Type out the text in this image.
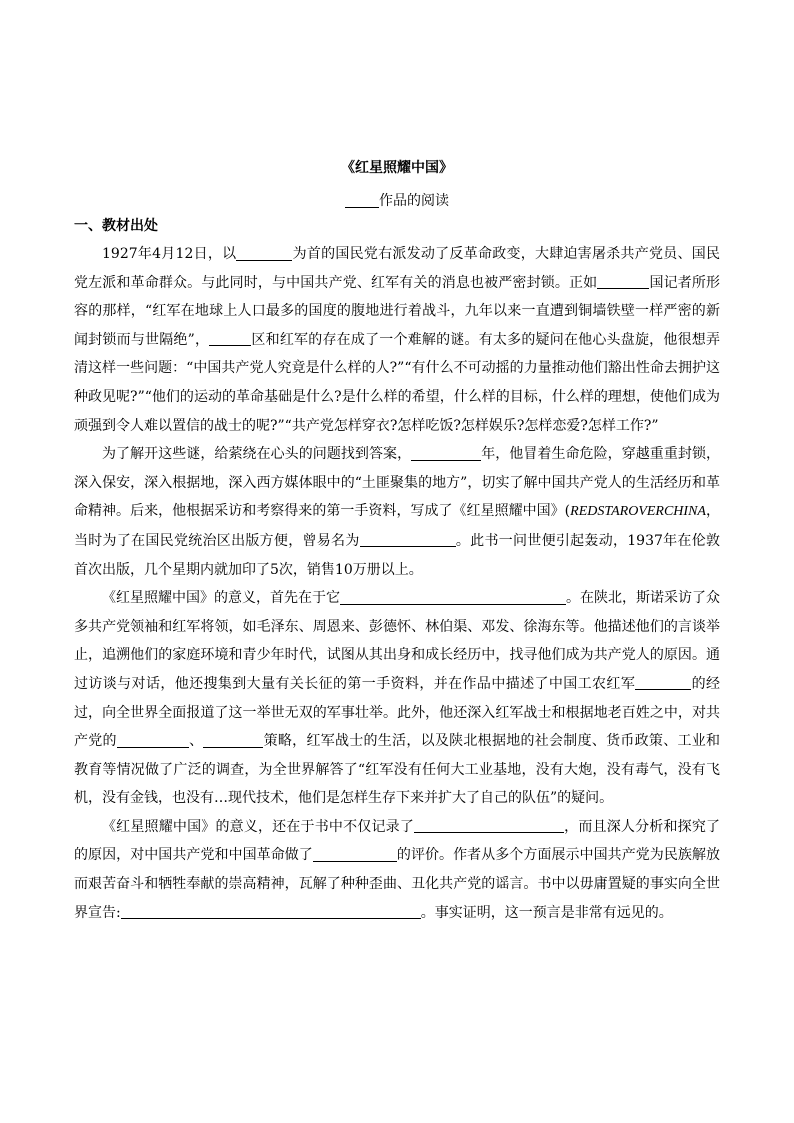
《红星照耀中国》
作品的阅读
一、教材出处

1927年4月12日，以	为首的国民党右派发动了反革命政变，大肆迫害屠杀共产党员、国民党左派和革命群众。与此同时，与中国共产党、红军有关的消息也被严密封锁。正如	国记者所形容的那样，“红军在地球上人口最多的国度的腹地进行着战斗，九年以来一直遭到铜墙铁壁一样严密的新闻封锁而与世隔绝”，	区和红军的存在成了一个难解的谜。有太多的疑问在他心头盘旋，他很想弄清这样一些问题：“中国共产党人究竟是什么样的人?”“有什么不可动摇的力量推动他们豁出性命去拥护这种政见呢?”“他们的运动的革命基础是什么?是什么样的希望，什么样的目标，什么样的理想，使他们成为顽强到令人难以置信的战士的呢?”“共产党怎样穿衣?怎样吃饭?怎样娱乐?怎样恋爱?怎样工作?”

为了解开这些谜，给萦绕在心头的问题找到答案，	年，他冒着生命危险，穿越重重封锁，深入保安，深入根据地，深入西方媒体眼中的“土匪聚集的地方”，切实了解中国共产党人的生活经历和革命精神。后来，他根据采访和考察得来的第一手资料，写成了《红星照耀中国》(REDSTAROVERCHINA，当时为了在国民党统治区出版方便，曾易名为	。此书一问世便引起轰动，1937年在伦敦首次出版，几个星期内就加印了5次，销售10万册以上。

《红星照耀中国》的意义，首先在于它	。在陕北，斯诺采访了众多共产党领袖和红军将领，如毛泽东、周恩来、彭德怀、林伯渠、邓发、徐海东等。他描述他们的言谈举止，追溯他们的家庭环境和青少年时代，试图从其出身和成长经历中，找寻他们成为共产党人的原因。通过访谈与对话，他还搜集到大量有关长征的第一手资料，并在作品中描述了中国工农红军	的经过，向全世界全面报道了这一举世无双的军事壮举。此外，他还深入红军战士和根据地老百姓之中，对共产党的	、	策略，红军战士的生活，以及陕北根据地的社会制度、货币政策、工业和教育等情况做了广泛的调查，为全世界解答了“红军没有任何大工业基地，没有大炮，没有毒气，没有飞机，没有金钱，也没有…现代技术，他们是怎样生存下来并扩大了自己的队伍”的疑问。

《红星照耀中国》的意义，还在于书中不仅记录了	，而且深人分析和探究了的原因，对中国共产党和中国革命做了	的评价。作者从多个方面展示中国共产党为民族解放而艰苦奋斗和牺牲奉献的崇高精神，瓦解了种种歪曲、丑化共产党的谣言。书中以毋庸置疑的事实向全世界宣告:	。事实证明，这一预言是非常有远见的。
